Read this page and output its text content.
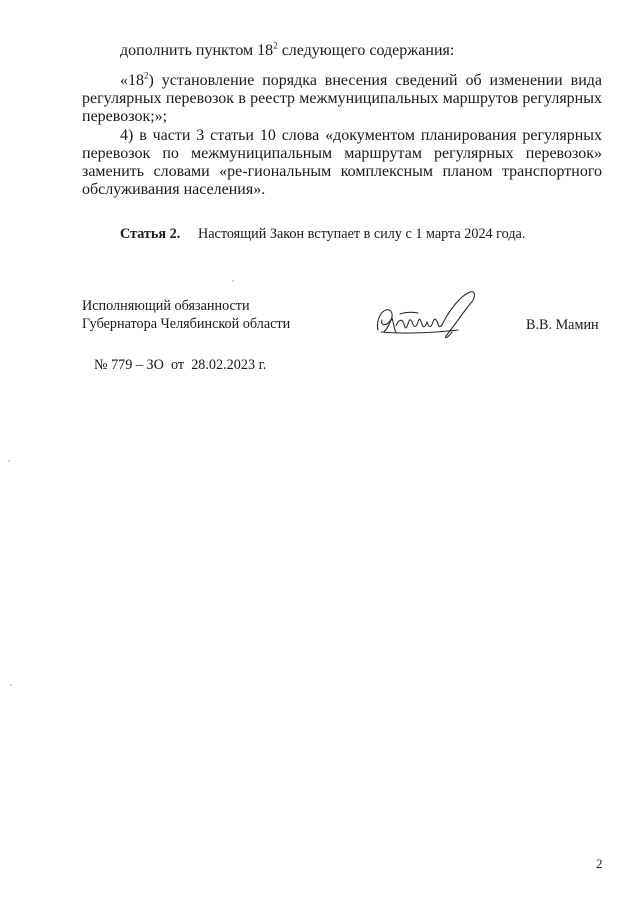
дополнить пунктом $18^2$ следующего содержания:

«$18^2$) установление порядка внесения сведений об изменении вида регулярных перевозок в реестр межмуниципальных маршрутов регулярных перевозок;»;

4) в части 3 статьи 10 слова «документом планирования регулярных перевозок по межмуниципальным маршрутам регулярных перевозок» заменить словами «ре-гиональным комплексным планом транспортного обслуживания населения».

Статья 2. Настоящий Закон вступает в силу с 1 марта 2024 года.
Исполняющий обязанности
Губернатора Челябинской области	В.В. Мамин
№ 779 – ЗО  от  28.02.2023 г.
2
